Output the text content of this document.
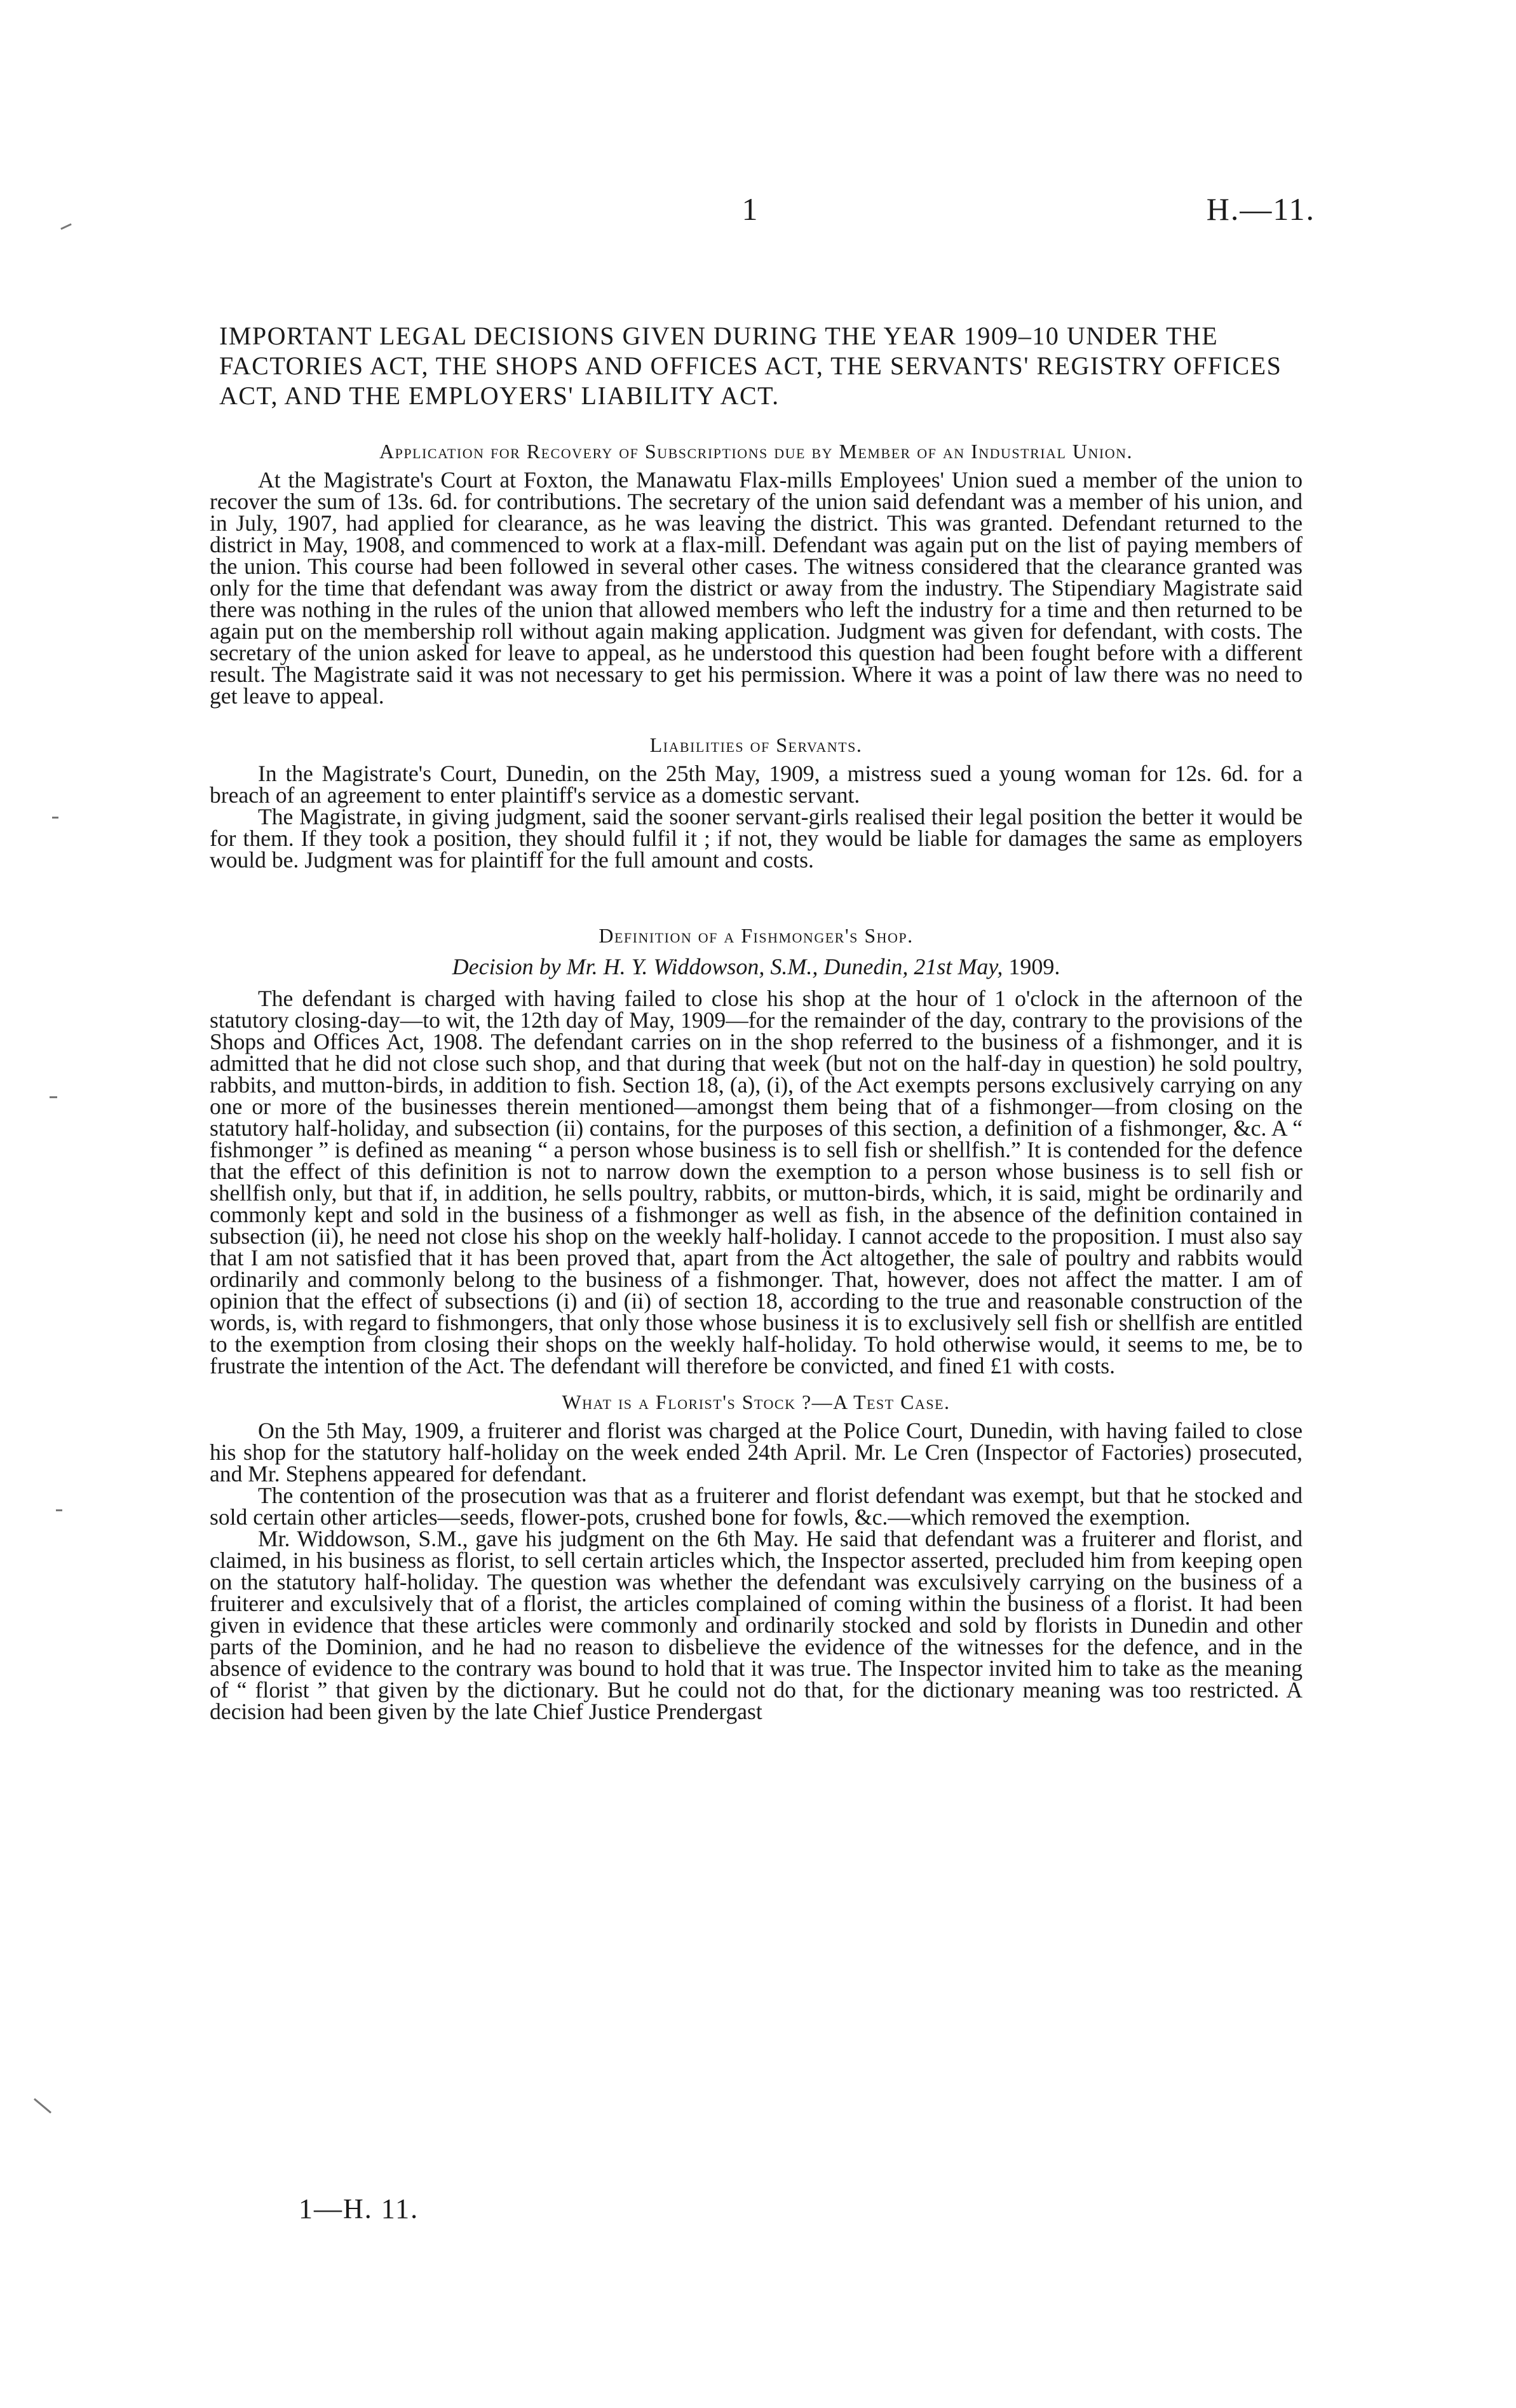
1	H.—11.
IMPORTANT LEGAL DECISIONS GIVEN DURING THE YEAR 1909–10 UNDER THE FACTORIES ACT, THE SHOPS AND OFFICES ACT, THE SERVANTS' REGISTRY OFFICES ACT, AND THE EMPLOYERS' LIABILITY ACT.
Application for Recovery of Subscriptions due by Member of an Industrial Union.

At the Magistrate's Court at Foxton, the Manawatu Flax-mills Employees' Union sued a member of the union to recover the sum of 13s. 6d. for contributions. The secretary of the union said defendant was a member of his union, and in July, 1907, had applied for clearance, as he was leaving the district. This was granted. Defendant returned to the district in May, 1908, and commenced to work at a flax-mill. Defendant was again put on the list of paying members of the union. This course had been followed in several other cases. The witness considered that the clearance granted was only for the time that defendant was away from the district or away from the industry. The Stipendiary Magistrate said there was nothing in the rules of the union that allowed members who left the industry for a time and then returned to be again put on the membership roll without again making application. Judgment was given for defendant, with costs. The secretary of the union asked for leave to appeal, as he understood this question had been fought before with a different result. The Magistrate said it was not necessary to get his permission. Where it was a point of law there was no need to get leave to appeal.

Liabilities of Servants.

In the Magistrate's Court, Dunedin, on the 25th May, 1909, a mistress sued a young woman for 12s. 6d. for a breach of an agreement to enter plaintiff's service as a domestic servant.

The Magistrate, in giving judgment, said the sooner servant-girls realised their legal position the better it would be for them. If they took a position, they should fulfil it ; if not, they would be liable for damages the same as employers would be. Judgment was for plaintiff for the full amount and costs.

Definition of a Fishmonger's Shop.
Decision by Mr. H. Y. Widdowson, S.M., Dunedin, 21st May, 1909.

The defendant is charged with having failed to close his shop at the hour of 1 o'clock in the afternoon of the statutory closing-day—to wit, the 12th day of May, 1909—for the remainder of the day, contrary to the provisions of the Shops and Offices Act, 1908. The defendant carries on in the shop referred to the business of a fishmonger, and it is admitted that he did not close such shop, and that during that week (but not on the half-day in question) he sold poultry, rabbits, and mutton-birds, in addition to fish. Section 18, (a), (i), of the Act exempts persons exclusively carrying on any one or more of the businesses therein mentioned—amongst them being that of a fishmonger—from closing on the statutory half-holiday, and subsection (ii) contains, for the purposes of this section, a definition of a fishmonger, &c. A “ fishmonger ” is defined as meaning “ a person whose business is to sell fish or shellfish.” It is contended for the defence that the effect of this definition is not to narrow down the exemption to a person whose business is to sell fish or shellfish only, but that if, in addition, he sells poultry, rabbits, or mutton-birds, which, it is said, might be ordinarily and commonly kept and sold in the business of a fishmonger as well as fish, in the absence of the definition contained in subsection (ii), he need not close his shop on the weekly half-holiday. I cannot accede to the proposition. I must also say that I am not satisfied that it has been proved that, apart from the Act altogether, the sale of poultry and rabbits would ordinarily and commonly belong to the business of a fishmonger. That, however, does not affect the matter. I am of opinion that the effect of subsections (i) and (ii) of section 18, according to the true and reasonable construction of the words, is, with regard to fishmongers, that only those whose business it is to exclusively sell fish or shellfish are entitled to the exemption from closing their shops on the weekly half-holiday. To hold otherwise would, it seems to me, be to frustrate the intention of the Act. The defendant will therefore be convicted, and fined £1 with costs.

What is a Florist's Stock ?—A Test Case.

On the 5th May, 1909, a fruiterer and florist was charged at the Police Court, Dunedin, with having failed to close his shop for the statutory half-holiday on the week ended 24th April. Mr. Le Cren (Inspector of Factories) prosecuted, and Mr. Stephens appeared for defendant.

The contention of the prosecution was that as a fruiterer and florist defendant was exempt, but that he stocked and sold certain other articles—seeds, flower-pots, crushed bone for fowls, &c.—which removed the exemption.

Mr. Widdowson, S.M., gave his judgment on the 6th May. He said that defendant was a fruiterer and florist, and claimed, in his business as florist, to sell certain articles which, the Inspector asserted, precluded him from keeping open on the statutory half-holiday. The question was whether the defendant was exculsively carrying on the business of a fruiterer and exculsively that of a florist, the articles complained of coming within the business of a florist. It had been given in evidence that these articles were commonly and ordinarily stocked and sold by florists in Dunedin and other parts of the Dominion, and he had no reason to disbelieve the evidence of the witnesses for the defence, and in the absence of evidence to the contrary was bound to hold that it was true. The Inspector invited him to take as the meaning of “ florist ” that given by the dictionary. But he could not do that, for the dictionary meaning was too restricted. A decision had been given by the late Chief Justice Prendergast

1—H. 11.
